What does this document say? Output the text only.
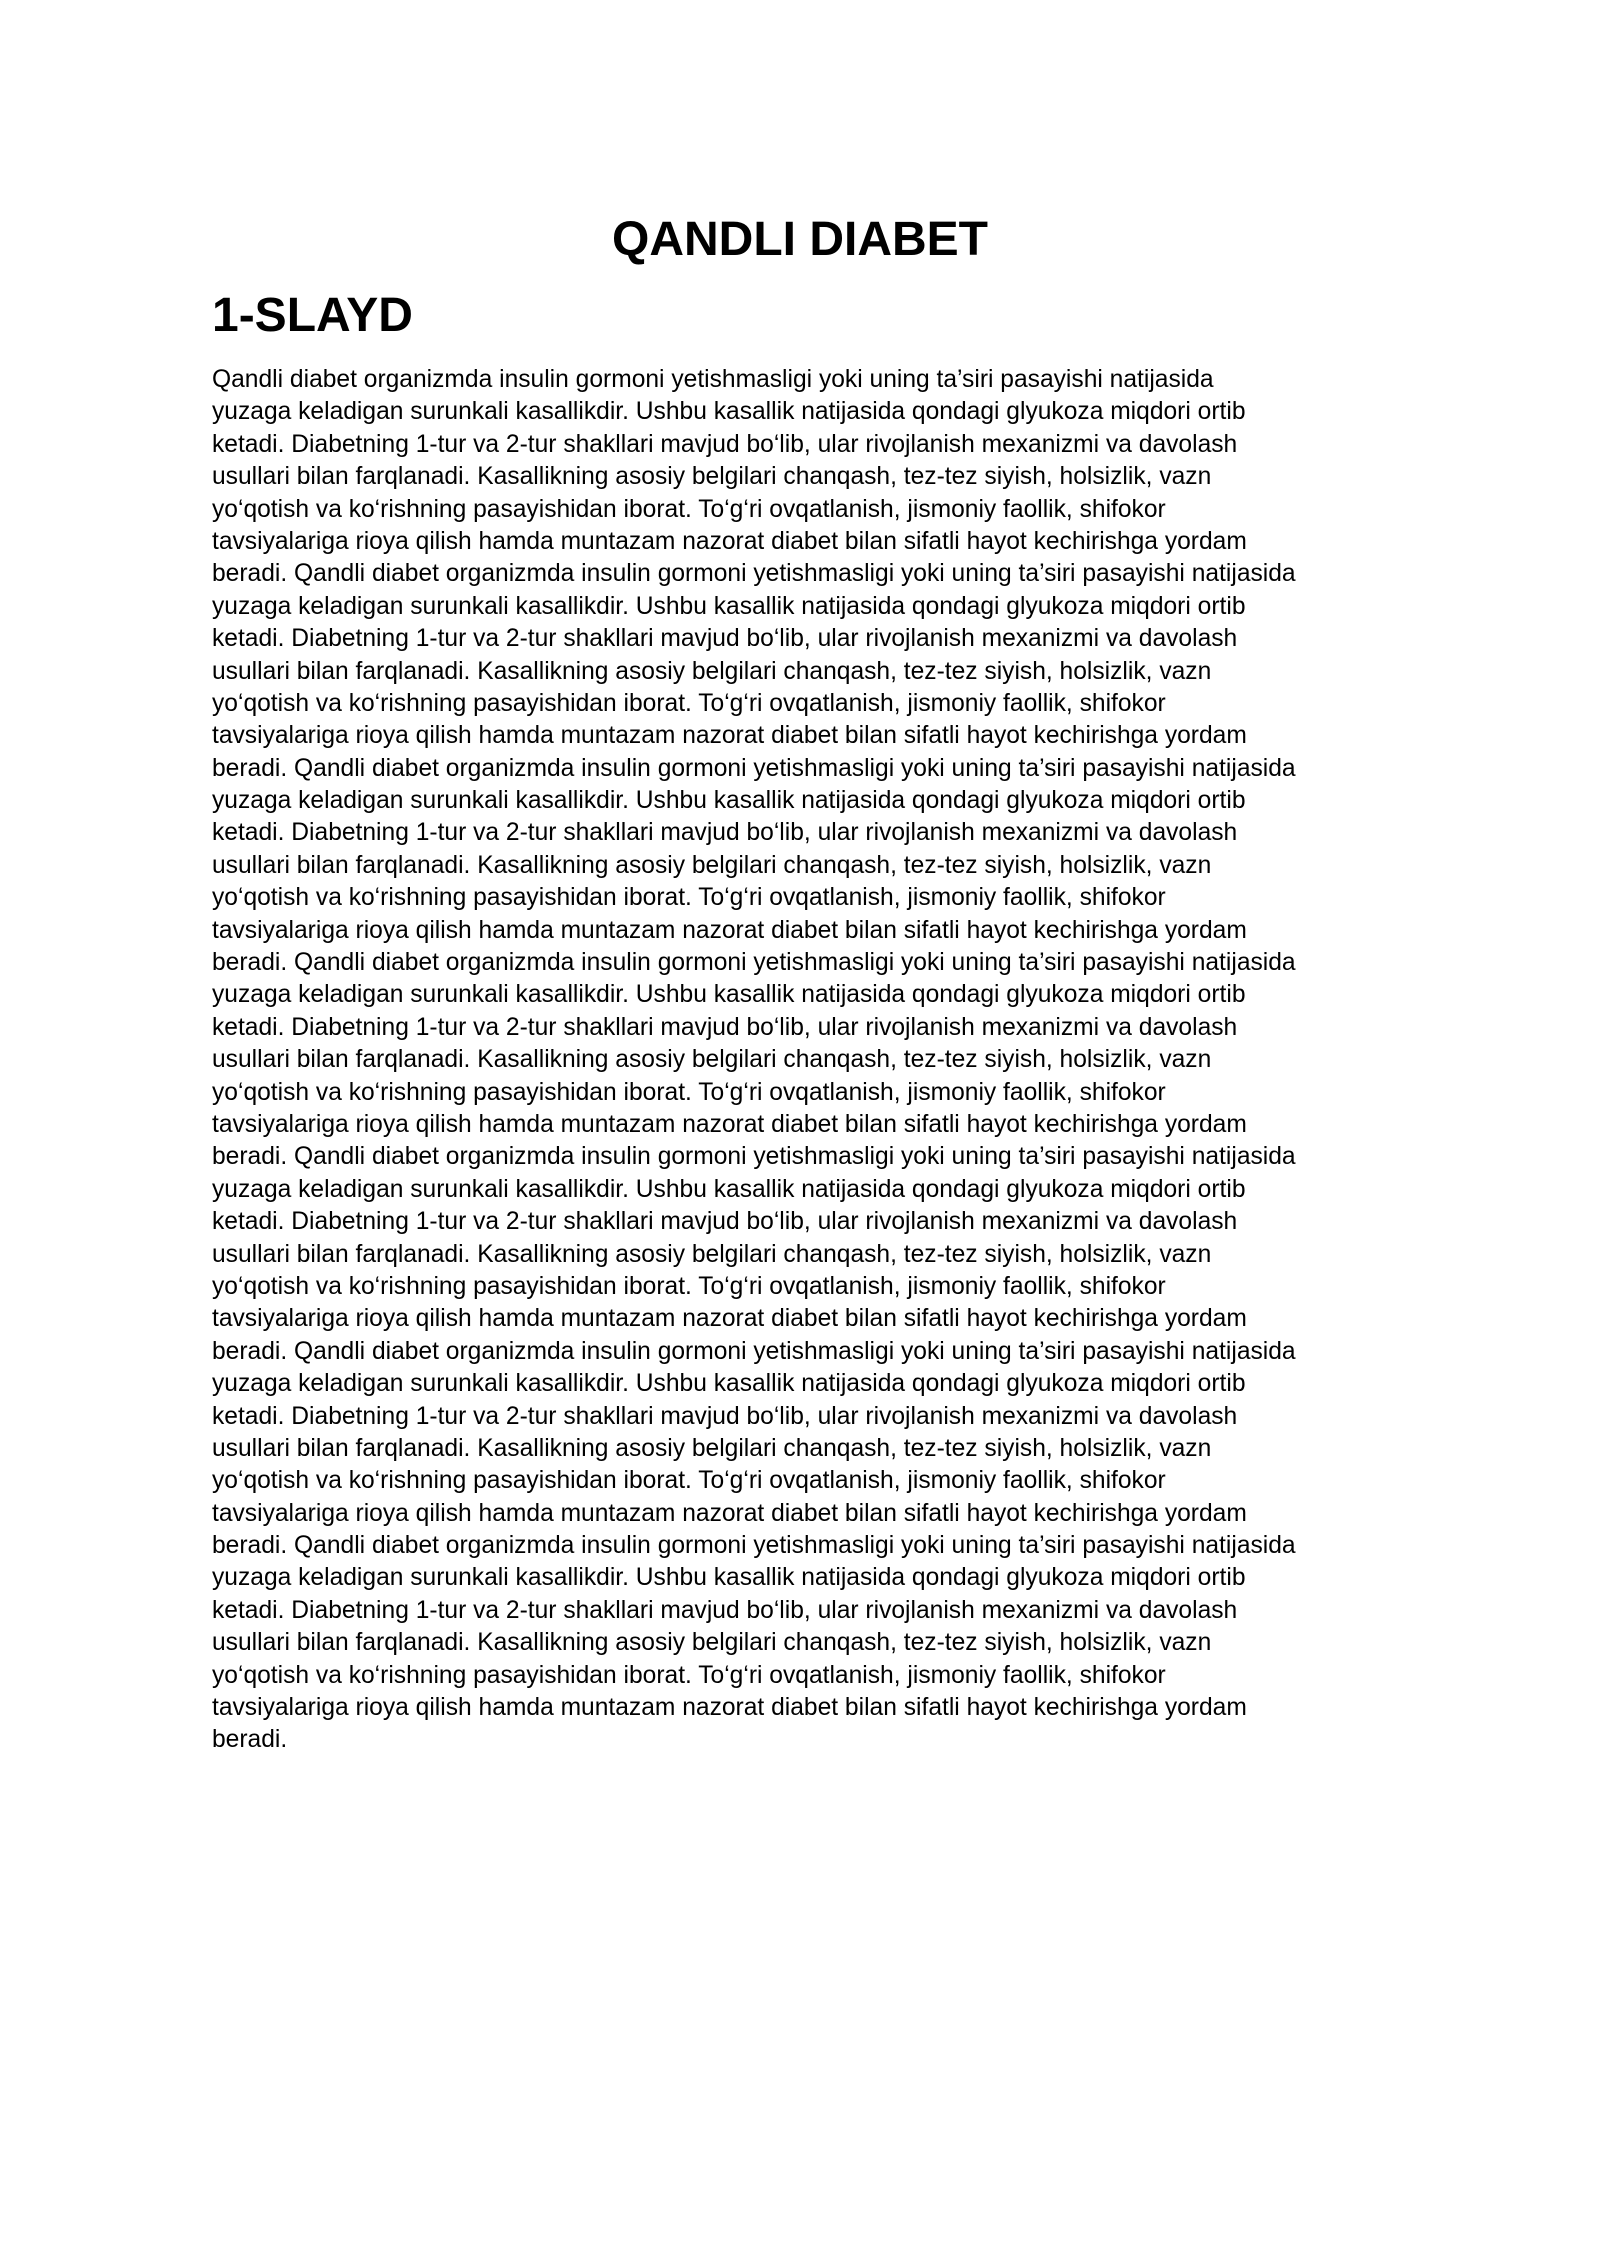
QANDLI DIABET
1-SLAYD
Qandli diabet organizmda insulin gormoni yetishmasligi yoki uning ta’siri pasayishi natijasida
yuzaga keladigan surunkali kasallikdir. Ushbu kasallik natijasida qondagi glyukoza miqdori ortib
ketadi. Diabetning 1-tur va 2-tur shakllari mavjud bo‘lib, ular rivojlanish mexanizmi va davolash
usullari bilan farqlanadi. Kasallikning asosiy belgilari chanqash, tez-tez siyish, holsizlik, vazn
yo‘qotish va ko‘rishning pasayishidan iborat. To‘g‘ri ovqatlanish, jismoniy faollik, shifokor
tavsiyalariga rioya qilish hamda muntazam nazorat diabet bilan sifatli hayot kechirishga yordam
beradi. Qandli diabet organizmda insulin gormoni yetishmasligi yoki uning ta’siri pasayishi natijasida
yuzaga keladigan surunkali kasallikdir. Ushbu kasallik natijasida qondagi glyukoza miqdori ortib
ketadi. Diabetning 1-tur va 2-tur shakllari mavjud bo‘lib, ular rivojlanish mexanizmi va davolash
usullari bilan farqlanadi. Kasallikning asosiy belgilari chanqash, tez-tez siyish, holsizlik, vazn
yo‘qotish va ko‘rishning pasayishidan iborat. To‘g‘ri ovqatlanish, jismoniy faollik, shifokor
tavsiyalariga rioya qilish hamda muntazam nazorat diabet bilan sifatli hayot kechirishga yordam
beradi. Qandli diabet organizmda insulin gormoni yetishmasligi yoki uning ta’siri pasayishi natijasida
yuzaga keladigan surunkali kasallikdir. Ushbu kasallik natijasida qondagi glyukoza miqdori ortib
ketadi. Diabetning 1-tur va 2-tur shakllari mavjud bo‘lib, ular rivojlanish mexanizmi va davolash
usullari bilan farqlanadi. Kasallikning asosiy belgilari chanqash, tez-tez siyish, holsizlik, vazn
yo‘qotish va ko‘rishning pasayishidan iborat. To‘g‘ri ovqatlanish, jismoniy faollik, shifokor
tavsiyalariga rioya qilish hamda muntazam nazorat diabet bilan sifatli hayot kechirishga yordam
beradi. Qandli diabet organizmda insulin gormoni yetishmasligi yoki uning ta’siri pasayishi natijasida
yuzaga keladigan surunkali kasallikdir. Ushbu kasallik natijasida qondagi glyukoza miqdori ortib
ketadi. Diabetning 1-tur va 2-tur shakllari mavjud bo‘lib, ular rivojlanish mexanizmi va davolash
usullari bilan farqlanadi. Kasallikning asosiy belgilari chanqash, tez-tez siyish, holsizlik, vazn
yo‘qotish va ko‘rishning pasayishidan iborat. To‘g‘ri ovqatlanish, jismoniy faollik, shifokor
tavsiyalariga rioya qilish hamda muntazam nazorat diabet bilan sifatli hayot kechirishga yordam
beradi. Qandli diabet organizmda insulin gormoni yetishmasligi yoki uning ta’siri pasayishi natijasida
yuzaga keladigan surunkali kasallikdir. Ushbu kasallik natijasida qondagi glyukoza miqdori ortib
ketadi. Diabetning 1-tur va 2-tur shakllari mavjud bo‘lib, ular rivojlanish mexanizmi va davolash
usullari bilan farqlanadi. Kasallikning asosiy belgilari chanqash, tez-tez siyish, holsizlik, vazn
yo‘qotish va ko‘rishning pasayishidan iborat. To‘g‘ri ovqatlanish, jismoniy faollik, shifokor
tavsiyalariga rioya qilish hamda muntazam nazorat diabet bilan sifatli hayot kechirishga yordam
beradi. Qandli diabet organizmda insulin gormoni yetishmasligi yoki uning ta’siri pasayishi natijasida
yuzaga keladigan surunkali kasallikdir. Ushbu kasallik natijasida qondagi glyukoza miqdori ortib
ketadi. Diabetning 1-tur va 2-tur shakllari mavjud bo‘lib, ular rivojlanish mexanizmi va davolash
usullari bilan farqlanadi. Kasallikning asosiy belgilari chanqash, tez-tez siyish, holsizlik, vazn
yo‘qotish va ko‘rishning pasayishidan iborat. To‘g‘ri ovqatlanish, jismoniy faollik, shifokor
tavsiyalariga rioya qilish hamda muntazam nazorat diabet bilan sifatli hayot kechirishga yordam
beradi. Qandli diabet organizmda insulin gormoni yetishmasligi yoki uning ta’siri pasayishi natijasida
yuzaga keladigan surunkali kasallikdir. Ushbu kasallik natijasida qondagi glyukoza miqdori ortib
ketadi. Diabetning 1-tur va 2-tur shakllari mavjud bo‘lib, ular rivojlanish mexanizmi va davolash
usullari bilan farqlanadi. Kasallikning asosiy belgilari chanqash, tez-tez siyish, holsizlik, vazn
yo‘qotish va ko‘rishning pasayishidan iborat. To‘g‘ri ovqatlanish, jismoniy faollik, shifokor
tavsiyalariga rioya qilish hamda muntazam nazorat diabet bilan sifatli hayot kechirishga yordam
beradi.
